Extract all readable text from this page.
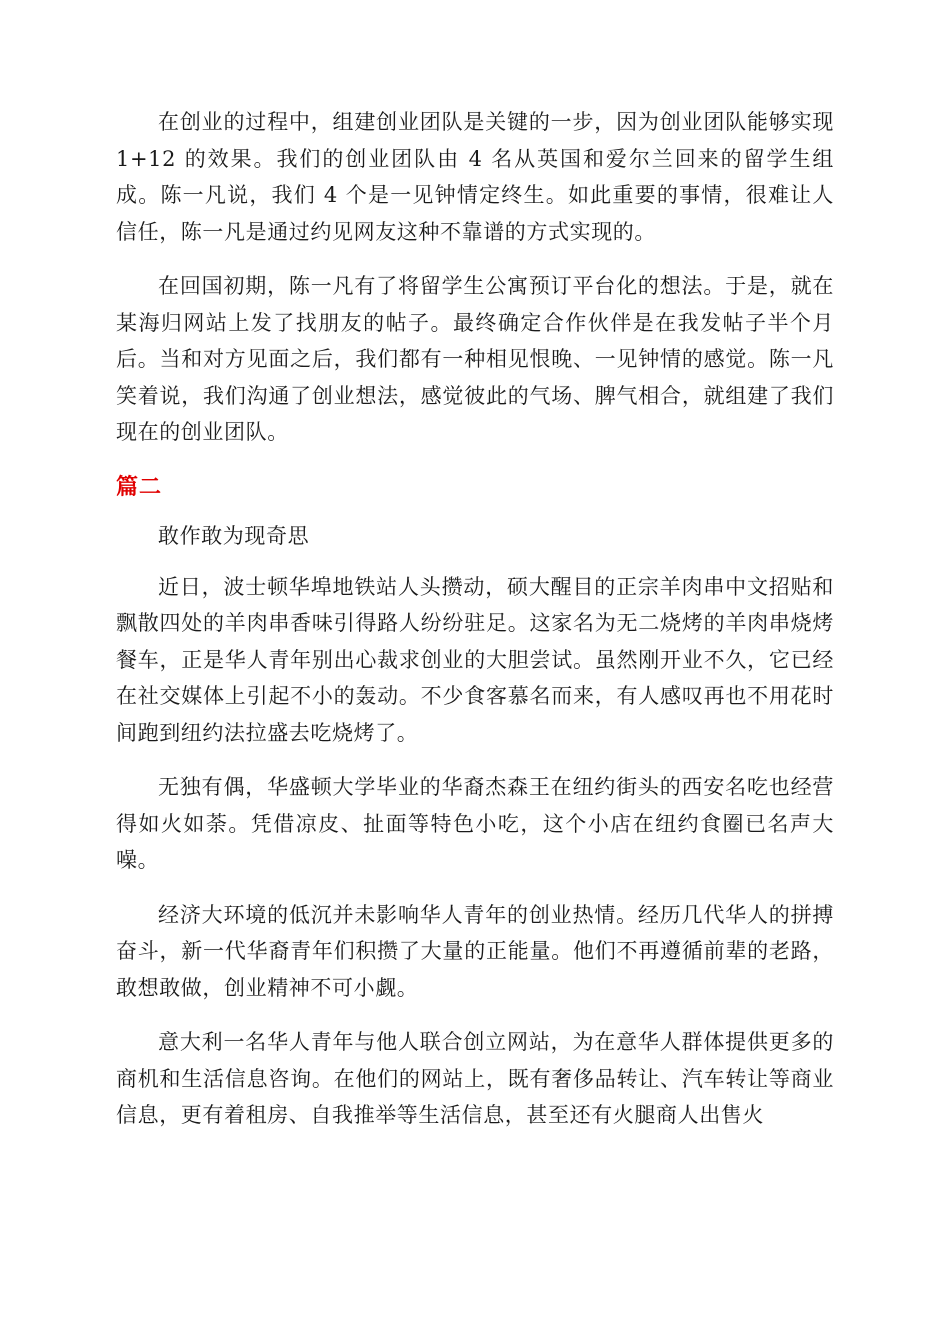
在创业的过程中，组建创业团队是关键的一步，因为创业团队能够实现 1+12 的效果。我们的创业团队由 4 名从英国和爱尔兰回来的留学生组成。陈一凡说，我们 4 个是一见钟情定终生。如此重要的事情，很难让人信任，陈一凡是通过约见网友这种不靠谱的方式实现的。

在回国初期，陈一凡有了将留学生公寓预订平台化的想法。于是，就在某海归网站上发了找朋友的帖子。最终确定合作伙伴是在我发帖子半个月后。当和对方见面之后，我们都有一种相见恨晚、一见钟情的感觉。陈一凡笑着说，我们沟通了创业想法，感觉彼此的气场、脾气相合，就组建了我们现在的创业团队。

篇二
敢作敢为现奇思

近日，波士顿华埠地铁站人头攒动，硕大醒目的正宗羊肉串中文招贴和飘散四处的羊肉串香味引得路人纷纷驻足。这家名为无二烧烤的羊肉串烧烤餐车，正是华人青年别出心裁求创业的大胆尝试。虽然刚开业不久，它已经在社交媒体上引起不小的轰动。不少食客慕名而来，有人感叹再也不用花时间跑到纽约法拉盛去吃烧烤了。

无独有偶，华盛顿大学毕业的华裔杰森王在纽约街头的西安名吃也经营得如火如荼。凭借凉皮、扯面等特色小吃，这个小店在纽约食圈已名声大噪。

经济大环境的低沉并未影响华人青年的创业热情。经历几代华人的拼搏奋斗，新一代华裔青年们积攒了大量的正能量。他们不再遵循前辈的老路，敢想敢做，创业精神不可小觑。

意大利一名华人青年与他人联合创立网站，为在意华人群体提供更多的商机和生活信息咨询。在他们的网站上，既有奢侈品转让、汽车转让等商业信息，更有着租房、自我推举等生活信息，甚至还有火腿商人出售火
